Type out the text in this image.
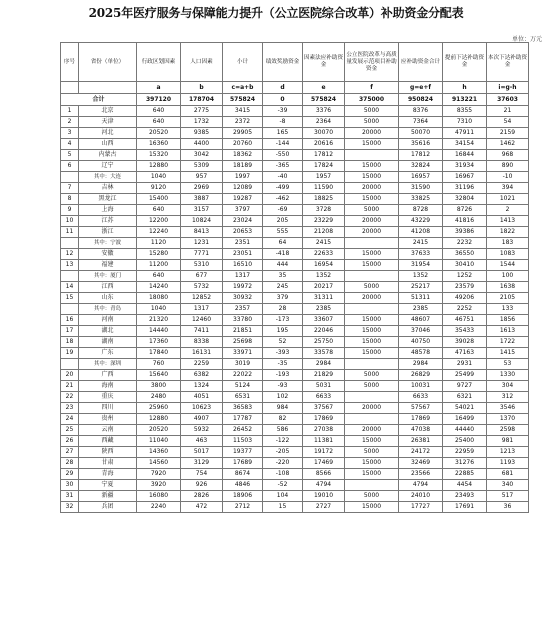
2025年医疗服务与保障能力提升（公立医院综合改革）补助资金分配表
单位：万元
序号	省份（单位）	行政区划因素	人口因素	小计	绩效奖励资金	因素法应补助资金	公立医院改革与高质量发展示范项目补助资金	应补助资金合计	提前下达补助资金	本次下达补助资金
		a	b	c=a+b	d	e	f	g=e+f	h	i=g-h
合计		397120	178704	575824	0	575824	375000	950824	913221	37603
1	北京	640	2775	3415	-39	3376	5000	8376	8355	21
2	天津	640	1732	2372	-8	2364	5000	7364	7310	54
3	河北	20520	9385	29905	165	30070	20000	50070	47911	2159
4	山西	16360	4400	20760	-144	20616	15000	35616	34154	1462
5	内蒙古	15320	3042	18362	-550	17812		17812	16844	968
6	辽宁	12880	5309	18189	-365	17824	15000	32824	31934	890
	其中：大连	1040	957	1997	-40	1957	15000	16957	16967	-10
7	吉林	9120	2969	12089	-499	11590	20000	31590	31196	394
8	黑龙江	15400	3887	19287	-462	18825	15000	33825	32804	1021
9	上海	640	3157	3797	-69	3728	5000	8728	8726	2
10	江苏	12200	10824	23024	205	23229	20000	43229	41816	1413
11	浙江	12240	8413	20653	555	21208	20000	41208	39386	1822
	其中：宁波	1120	1231	2351	64	2415		2415	2232	183
12	安徽	15280	7771	23051	-418	22633	15000	37633	36550	1083
13	福建	11200	5310	16510	444	16954	15000	31954	30410	1544
	其中：厦门	640	677	1317	35	1352		1352	1252	100
14	江西	14240	5732	19972	245	20217	5000	25217	23579	1638
15	山东	18080	12852	30932	379	31311	20000	51311	49206	2105
	其中：青岛	1040	1317	2357	28	2385		2385	2252	133
16	河南	21320	12460	33780	-173	33607	15000	48607	46751	1856
17	湖北	14440	7411	21851	195	22046	15000	37046	35433	1613
18	湖南	17360	8338	25698	52	25750	15000	40750	39028	1722
19	广东	17840	16131	33971	-393	33578	15000	48578	47163	1415
	其中：深圳	760	2259	3019	-35	2984		2984	2931	53
20	广西	15640	6382	22022	-193	21829	5000	26829	25499	1330
21	海南	3800	1324	5124	-93	5031	5000	10031	9727	304
22	重庆	2480	4051	6531	102	6633		6633	6321	312
23	四川	25960	10623	36583	984	37567	20000	57567	54021	3546
24	贵州	12880	4907	17787	82	17869		17869	16499	1370
25	云南	20520	5932	26452	586	27038	20000	47038	44440	2598
26	西藏	11040	463	11503	-122	11381	15000	26381	25400	981
27	陕西	14360	5017	19377	-205	19172	5000	24172	22959	1213
28	甘肃	14560	3129	17689	-220	17469	15000	32469	31276	1193
29	青海	7920	754	8674	-108	8566	15000	23566	22885	681
30	宁夏	3920	926	4846	-52	4794		4794	4454	340
31	新疆	16080	2826	18906	104	19010	5000	24010	23493	517
32	兵团	2240	472	2712	15	2727	15000	17727	17691	36
